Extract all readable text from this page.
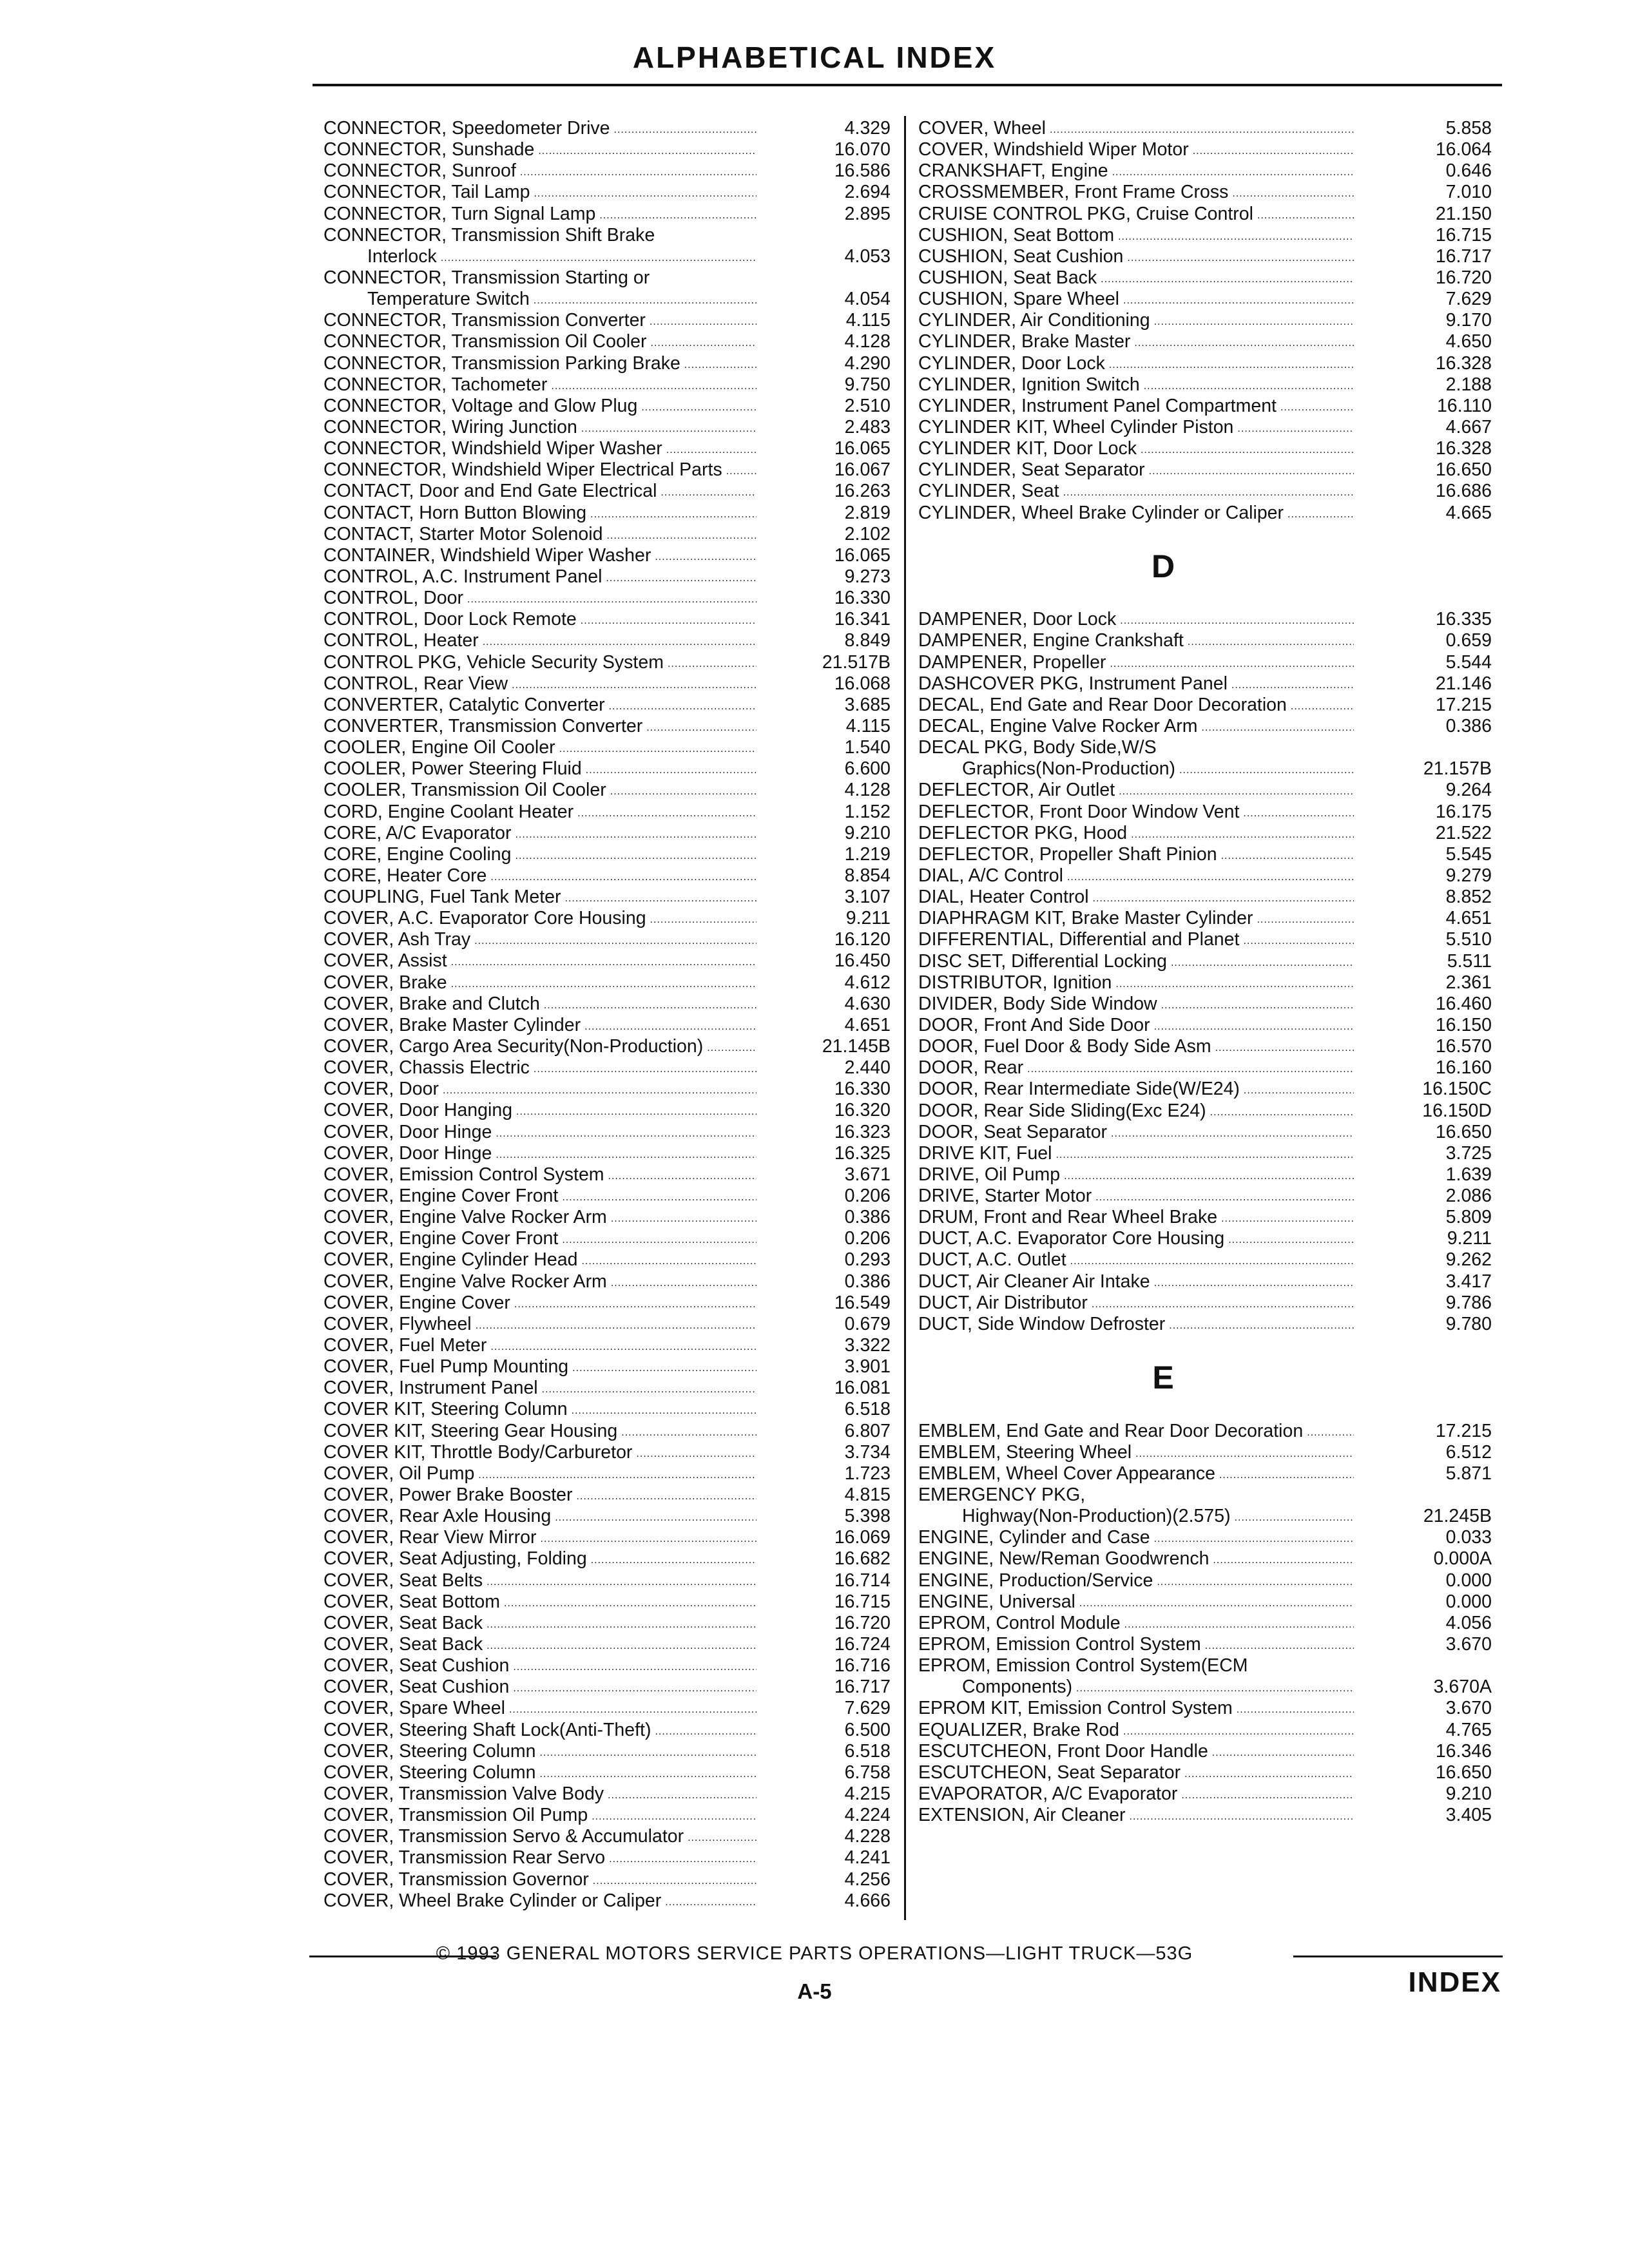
ALPHABETICAL INDEX
CONNECTOR, Speedometer Drive .....	4.329
CONNECTOR, Sunshade .....	16.070
CONNECTOR, Sunroof .....	16.586
CONNECTOR, Tail Lamp .....	2.694
CONNECTOR, Turn Signal Lamp .....	2.895
CONNECTOR, Transmission Shift Brake
Interlock .....	4.053
CONNECTOR, Transmission Starting or
Temperature Switch .....	4.054
CONNECTOR, Transmission Converter .....	4.115
CONNECTOR, Transmission Oil Cooler .....	4.128
CONNECTOR, Transmission Parking Brake .....	4.290
CONNECTOR, Tachometer .....	9.750
CONNECTOR, Voltage and Glow Plug .....	2.510
CONNECTOR, Wiring Junction .....	2.483
CONNECTOR, Windshield Wiper Washer .....	16.065
CONNECTOR, Windshield Wiper Electrical Parts .....	16.067
CONTACT, Door and End Gate Electrical .....	16.263
CONTACT, Horn Button Blowing .....	2.819
CONTACT, Starter Motor Solenoid .....	2.102
CONTAINER, Windshield Wiper Washer .....	16.065
CONTROL, A.C. Instrument Panel .....	9.273
CONTROL, Door .....	16.330
CONTROL, Door Lock Remote .....	16.341
CONTROL, Heater .....	8.849
CONTROL PKG, Vehicle Security System .....	21.517B
CONTROL, Rear View .....	16.068
CONVERTER, Catalytic Converter .....	3.685
CONVERTER, Transmission Converter .....	4.115
COOLER, Engine Oil Cooler .....	1.540
COOLER, Power Steering Fluid .....	6.600
COOLER, Transmission Oil Cooler .....	4.128
CORD, Engine Coolant Heater .....	1.152
CORE, A/C Evaporator .....	9.210
CORE, Engine Cooling .....	1.219
CORE, Heater Core .....	8.854
COUPLING, Fuel Tank Meter .....	3.107
COVER, A.C. Evaporator Core Housing .....	9.211
COVER, Ash Tray .....	16.120
COVER, Assist .....	16.450
COVER, Brake .....	4.612
COVER, Brake and Clutch .....	4.630
COVER, Brake Master Cylinder .....	4.651
COVER, Cargo Area Security(Non-Production) .....	21.145B
COVER, Chassis Electric .....	2.440
COVER, Door .....	16.330
COVER, Door Hanging .....	16.320
COVER, Door Hinge .....	16.323
COVER, Door Hinge .....	16.325
COVER, Emission Control System .....	3.671
COVER, Engine Cover Front .....	0.206
COVER, Engine Valve Rocker Arm .....	0.386
COVER, Engine Cover Front .....	0.206
COVER, Engine Cylinder Head .....	0.293
COVER, Engine Valve Rocker Arm .....	0.386
COVER, Engine Cover .....	16.549
COVER, Flywheel .....	0.679
COVER, Fuel Meter .....	3.322
COVER, Fuel Pump Mounting .....	3.901
COVER, Instrument Panel .....	16.081
COVER KIT, Steering Column .....	6.518
COVER KIT, Steering Gear Housing .....	6.807
COVER KIT, Throttle Body/Carburetor .....	3.734
COVER, Oil Pump .....	1.723
COVER, Power Brake Booster .....	4.815
COVER, Rear Axle Housing .....	5.398
COVER, Rear View Mirror .....	16.069
COVER, Seat Adjusting, Folding .....	16.682
COVER, Seat Belts .....	16.714
COVER, Seat Bottom .....	16.715
COVER, Seat Back .....	16.720
COVER, Seat Back .....	16.724
COVER, Seat Cushion .....	16.716
COVER, Seat Cushion .....	16.717
COVER, Spare Wheel .....	7.629
COVER, Steering Shaft Lock(Anti-Theft) .....	6.500
COVER, Steering Column .....	6.518
COVER, Steering Column .....	6.758
COVER, Transmission Valve Body .....	4.215
COVER, Transmission Oil Pump .....	4.224
COVER, Transmission Servo & Accumulator .....	4.228
COVER, Transmission Rear Servo .....	4.241
COVER, Transmission Governor .....	4.256
COVER, Wheel Brake Cylinder or Caliper .....	4.666
COVER, Wheel .....	5.858
COVER, Windshield Wiper Motor .....	16.064
CRANKSHAFT, Engine .....	0.646
CROSSMEMBER, Front Frame Cross .....	7.010
CRUISE CONTROL PKG, Cruise Control .....	21.150
CUSHION, Seat Bottom .....	16.715
CUSHION, Seat Cushion .....	16.717
CUSHION, Seat Back .....	16.720
CUSHION, Spare Wheel .....	7.629
CYLINDER, Air Conditioning .....	9.170
CYLINDER, Brake Master .....	4.650
CYLINDER, Door Lock .....	16.328
CYLINDER, Ignition Switch .....	2.188
CYLINDER, Instrument Panel Compartment .....	16.110
CYLINDER KIT, Wheel Cylinder Piston .....	4.667
CYLINDER KIT, Door Lock .....	16.328
CYLINDER, Seat Separator .....	16.650
CYLINDER, Seat .....	16.686
CYLINDER, Wheel Brake Cylinder or Caliper .....	4.665
D
DAMPENER, Door Lock .....	16.335
DAMPENER, Engine Crankshaft .....	0.659
DAMPENER, Propeller .....	5.544
DASHCOVER PKG, Instrument Panel .....	21.146
DECAL, End Gate and Rear Door Decoration .....	17.215
DECAL, Engine Valve Rocker Arm .....	0.386
DECAL PKG, Body Side,W/S
Graphics(Non-Production) .....	21.157B
DEFLECTOR, Air Outlet .....	9.264
DEFLECTOR, Front Door Window Vent .....	16.175
DEFLECTOR PKG, Hood .....	21.522
DEFLECTOR, Propeller Shaft Pinion .....	5.545
DIAL, A/C Control .....	9.279
DIAL, Heater Control .....	8.852
DIAPHRAGM KIT, Brake Master Cylinder .....	4.651
DIFFERENTIAL, Differential and Planet .....	5.510
DISC SET, Differential Locking .....	5.511
DISTRIBUTOR, Ignition .....	2.361
DIVIDER, Body Side Window .....	16.460
DOOR, Front And Side Door .....	16.150
DOOR, Fuel Door & Body Side Asm .....	16.570
DOOR, Rear .....	16.160
DOOR, Rear Intermediate Side(W/E24) .....	16.150C
DOOR, Rear Side Sliding(Exc E24) .....	16.150D
DOOR, Seat Separator .....	16.650
DRIVE KIT, Fuel .....	3.725
DRIVE, Oil Pump .....	1.639
DRIVE, Starter Motor .....	2.086
DRUM, Front and Rear Wheel Brake .....	5.809
DUCT, A.C. Evaporator Core Housing .....	9.211
DUCT, A.C. Outlet .....	9.262
DUCT, Air Cleaner Air Intake .....	3.417
DUCT, Air Distributor .....	9.786
DUCT, Side Window Defroster .....	9.780
E
EMBLEM, End Gate and Rear Door Decoration .....	17.215
EMBLEM, Steering Wheel .....	6.512
EMBLEM, Wheel Cover Appearance .....	5.871
EMERGENCY PKG,
Highway(Non-Production)(2.575) .....	21.245B
ENGINE, Cylinder and Case .....	0.033
ENGINE, New/Reman Goodwrench .....	0.000A
ENGINE, Production/Service .....	0.000
ENGINE, Universal .....	0.000
EPROM, Control Module .....	4.056
EPROM, Emission Control System .....	3.670
EPROM, Emission Control System(ECM
Components) .....	3.670A
EPROM KIT, Emission Control System .....	3.670
EQUALIZER, Brake Rod .....	4.765
ESCUTCHEON, Front Door Handle .....	16.346
ESCUTCHEON, Seat Separator .....	16.650
EVAPORATOR, A/C Evaporator .....	9.210
EXTENSION, Air Cleaner .....	3.405
© 1993 GENERAL MOTORS SERVICE PARTS OPERATIONS—LIGHT TRUCK—53G
A-5	INDEX
